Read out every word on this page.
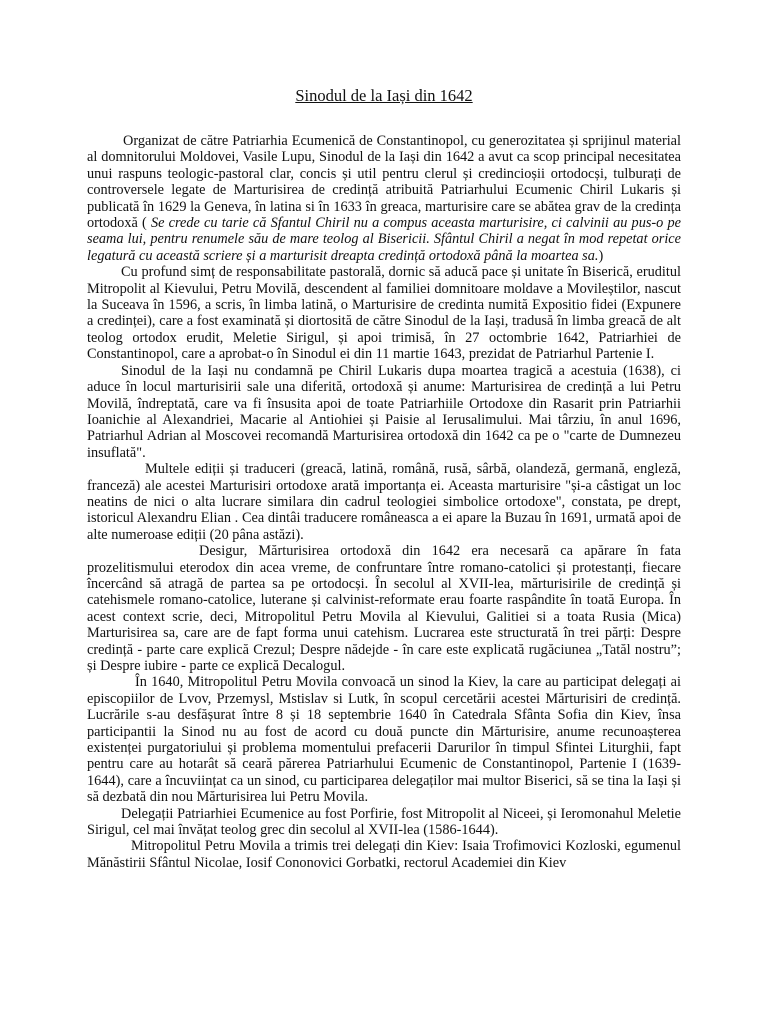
Sinodul de la Iași din 1642

Organizat de către Patriarhia Ecumenică de Constantinopol, cu generozitatea și sprijinul material al domnitorului Moldovei, Vasile Lupu, Sinodul de la Iași din 1642 a avut ca scop principal necesitatea unui raspuns teologic-pastoral clar, concis și util pentru clerul și credincioșii ortodocși, tulburați de controversele legate de Marturisirea de credință atribuită Patriarhului Ecumenic Chiril Lukaris și publicată în 1629 la Geneva, în latina si în 1633 în greaca, marturisire care se abătea grav de la credința ortodoxă ( Se crede cu tarie că Sfantul Chiril nu a compus aceasta marturisire, ci calvinii au pus-o pe seama lui, pentru renumele său de mare teolog al Bisericii. Sfântul Chiril a negat în mod repetat orice legatură cu această scriere și a marturisit dreapta credință ortodoxă până la moartea sa.)

Cu profund simț de responsabilitate pastorală, dornic să aducă pace și unitate în Biserică, eruditul Mitropolit al Kievului, Petru Movilă, descendent al familiei domnitoare moldave a Movileștilor, nascut la Suceava în 1596, a scris, în limba latină, o Marturisire de credinta numită Expositio fidei (Expunere a credinței), care a fost examinată și diortosită de către Sinodul de la Iași, tradusă în limba greacă de alt teolog ortodox erudit, Meletie Sirigul, și apoi trimisă, în 27 octombrie 1642, Patriarhiei de Constantinopol, care a aprobat-o în Sinodul ei din 11 martie 1643, prezidat de Patriarhul Partenie I.

Sinodul de la Iași nu condamnă pe Chiril Lukaris dupa moartea tragică a acestuia (1638), ci aduce în locul marturisirii sale una diferită, ortodoxă și anume: Marturisirea de credință a lui Petru Movilă, îndreptată, care va fi însusita apoi de toate Patriarhiile Ortodoxe din Rasarit prin Patriarhii Ioanichie al Alexandriei, Macarie al Antiohiei și Paisie al Ierusalimului. Mai târziu, în anul 1696, Patriarhul Adrian al Moscovei recomandă Marturisirea ortodoxă din 1642 ca pe o "carte de Dumnezeu insuflată".

Multele ediții și traduceri (greacă, latină, română, rusă, sârbă, olandeză, germană, engleză, franceză) ale acestei Marturisiri ortodoxe arată importanța ei. Aceasta marturisire "și-a câstigat un loc neatins de nici o alta lucrare similara din cadrul teologiei simbolice ortodoxe", constata, pe drept, istoricul Alexandru Elian . Cea dintâi traducere româneasca a ei apare la Buzau în 1691, urmată apoi de alte numeroase ediții (20 pâna astăzi).

Desigur, Mărturisirea ortodoxă din 1642 era necesară ca apărare în fata prozelitismului eterodox din acea vreme, de confruntare între romano-catolici și protestanți, fiecare încercând să atragă de partea sa pe ortodocși. În secolul al XVII-lea, mărturisirile de credință și catehismele romano-catolice, luterane și calvinist-reformate erau foarte raspândite în toată Europa. În acest context scrie, deci, Mitropolitul Petru Movila al Kievului, Galitiei si a toata Rusia (Mica) Marturisirea sa, care are de fapt forma unui catehism. Lucrarea este structurată în trei părți: Despre credință - parte care explică Crezul; Despre nădejde - în care este explicată rugăciunea „Tatăl nostru”; și Despre iubire - parte ce explică Decalogul.

În 1640, Mitropolitul Petru Movila convoacă un sinod la Kiev, la care au participat delegați ai episcopiilor de Lvov, Przemysl, Mstislav si Lutk, în scopul cercetării acestei Mărturisiri de credință. Lucrările s-au desfășurat între 8 și 18 septembrie 1640 în Catedrala Sfânta Sofia din Kiev, însa participantii la Sinod nu au fost de acord cu două puncte din Mărturisire, anume recunoașterea existenței purgatoriului și problema momentului prefacerii Darurilor în timpul Sfintei Liturghii, fapt pentru care au hotarât să ceară părerea Patriarhului Ecumenic de Constantinopol, Partenie I (1639-1644), care a încuviințat ca un sinod, cu participarea delegaților mai multor Biserici, să se tina la Iași și să dezbată din nou Mărturisirea lui Petru Movila.

Delegații Patriarhiei Ecumenice au fost Porfirie, fost Mitropolit al Niceei, și Ieromonahul Meletie Sirigul, cel mai învățat teolog grec din secolul al XVII-lea (1586-1644).

Mitropolitul Petru Movila a trimis trei delegați din Kiev: Isaia Trofimovici Kozloski, egumenul Mănăstirii Sfântul Nicolae, Iosif Cononovici Gorbatki, rectorul Academiei din Kiev
